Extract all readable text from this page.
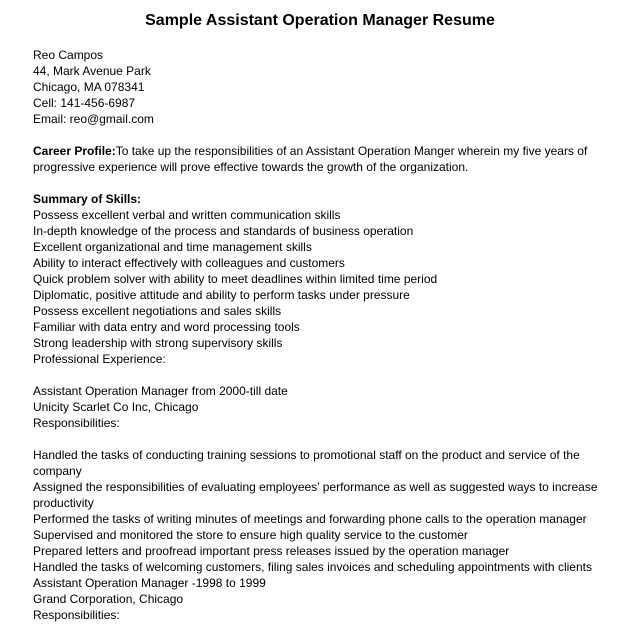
Sample Assistant Operation Manager Resume
Reo Campos
44, Mark Avenue Park
Chicago, MA 078341
Cell: 141-456-6987
Email: reo@gmail.com
Career Profile:To take up the responsibilities of an Assistant Operation Manger wherein my five years of progressive experience will prove effective towards the growth of the organization.
Summary of Skills:
Possess excellent verbal and written communication skills
In-depth knowledge of the process and standards of business operation
Excellent organizational and time management skills
Ability to interact effectively with colleagues and customers
Quick problem solver with ability to meet deadlines within limited time period
Diplomatic, positive attitude and ability to perform tasks under pressure
Possess excellent negotiations and sales skills
Familiar with data entry and word processing tools
Strong leadership with strong supervisory skills
Professional Experience:
Assistant Operation Manager from 2000-till date
Unicity Scarlet Co Inc, Chicago
Responsibilities:
Handled the tasks of conducting training sessions to promotional staff on the product and service of the company
Assigned the responsibilities of evaluating employees’ performance as well as suggested ways to increase productivity
Performed the tasks of writing minutes of meetings and forwarding phone calls to the operation manager
Supervised and monitored the store to ensure high quality service to the customer
Prepared letters and proofread important press releases issued by the operation manager
Handled the tasks of welcoming customers, filing sales invoices and scheduling appointments with clients
Assistant Operation Manager -1998 to 1999
Grand Corporation, Chicago
Responsibilities:
